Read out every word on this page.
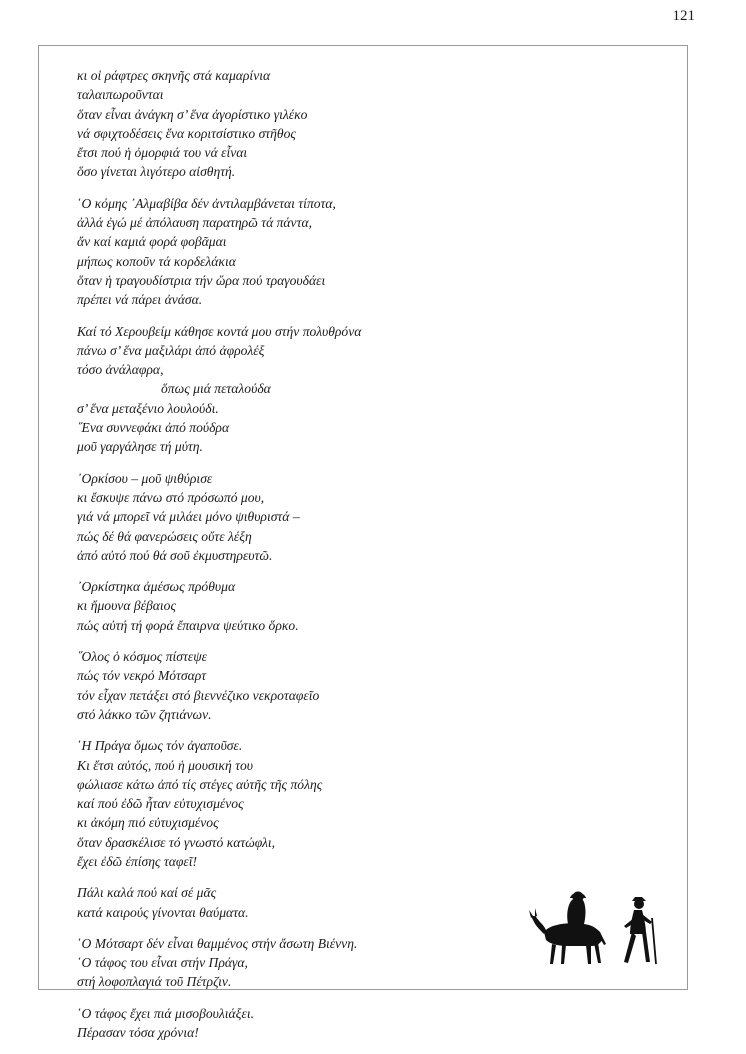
121
κι οἱ ράφτρες σκηνῆς στά καμαρίνια
ταλαιπωροῦνται
ὅταν εἶναι ἀνάγκη σ’ ἕνα ἀγορίστικο γιλέκο
νά σφιχτοδέσεις ἕνα κοριτσίστικο στῆθος
ἔτσι πού ἡ ὀμορφιά του νά εἶναι
ὅσο γίνεται λιγότερο αἰσθητή.
῾Ο κόμης ᾿Αλμαβίβα δέν ἀντιλαμβάνεται τίποτα,
ἀλλά ἐγώ μέ ἀπόλαυση παρατηρῶ τά πάντα,
ἄν καί καμιά φορά φοβᾶμαι
μήπως κοποῦν τά κορδελάκια
ὅταν ἡ τραγουδίστρια τήν ὥρα πού τραγουδάει
πρέπει νά πάρει ἀνάσα.
Καί τό Χερουβείμ κάθησε κοντά μου στήν πολυθρόνα
πάνω σ’ ἕνα μαξιλάρι ἀπό ἀφρολέξ
τόσο ἀνάλαφρα,
ὅπως μιά πεταλούδα
σ’ ἕνα μεταξένιο λουλούδι.
῞Ενα συννεφάκι ἀπό πούδρα
μοῦ γαργάλησε τή μύτη.
᾿Ορκίσου – μοῦ ψιθύρισε
κι ἔσκυψε πάνω στό πρόσωπό μου,
γιά νά μπορεῖ νά μιλάει μόνο ψιθυριστά –
πώς δέ θά φανερώσεις οὔτε λέξη
ἀπό αὐτό πού θά σοῦ ἐκμυστηρευτῶ.
᾿Ορκίστηκα ἀμέσως πρόθυμα
κι ἤμουνα βέβαιος
πώς αὐτή τή φορά ἔπαιρνα ψεύτικο ὅρκο.
῞Ολος ὁ κόσμος πίστεψε
πώς τόν νεκρό Μότσαρτ
τόν εἶχαν πετάξει στό βιεννέζικο νεκροταφεῖο
στό λάκκο τῶν ζητιάνων.
῾Η Πράγα ὅμως τόν ἀγαποῦσε.
Κι ἔτσι αὐτός, πού ἡ μουσική του
φώλιασε κάτω ἀπό τίς στέγες αὐτῆς τῆς πόλης
καί πού ἐδῶ ἦταν εὐτυχισμένος
κι ἀκόμη πιό εὐτυχισμένος
ὅταν δρασκέλισε τό γνωστό κατώφλι,
ἔχει ἐδῶ ἐπίσης ταφεῖ!
Πάλι καλά πού καί σέ μᾶς
κατά καιρούς γίνονται θαύματα.
῾Ο Μότσαρτ δέν εἶναι θαμμένος στήν ἄσωτη Βιέννη.
῾Ο τάφος του εἶναι στήν Πράγα,
στή λοφοπλαγιά τοῦ Πέτρζιν.
῾Ο τάφος ἔχει πιά μισοβουλιάξει.
Πέρασαν τόσα χρόνια!
